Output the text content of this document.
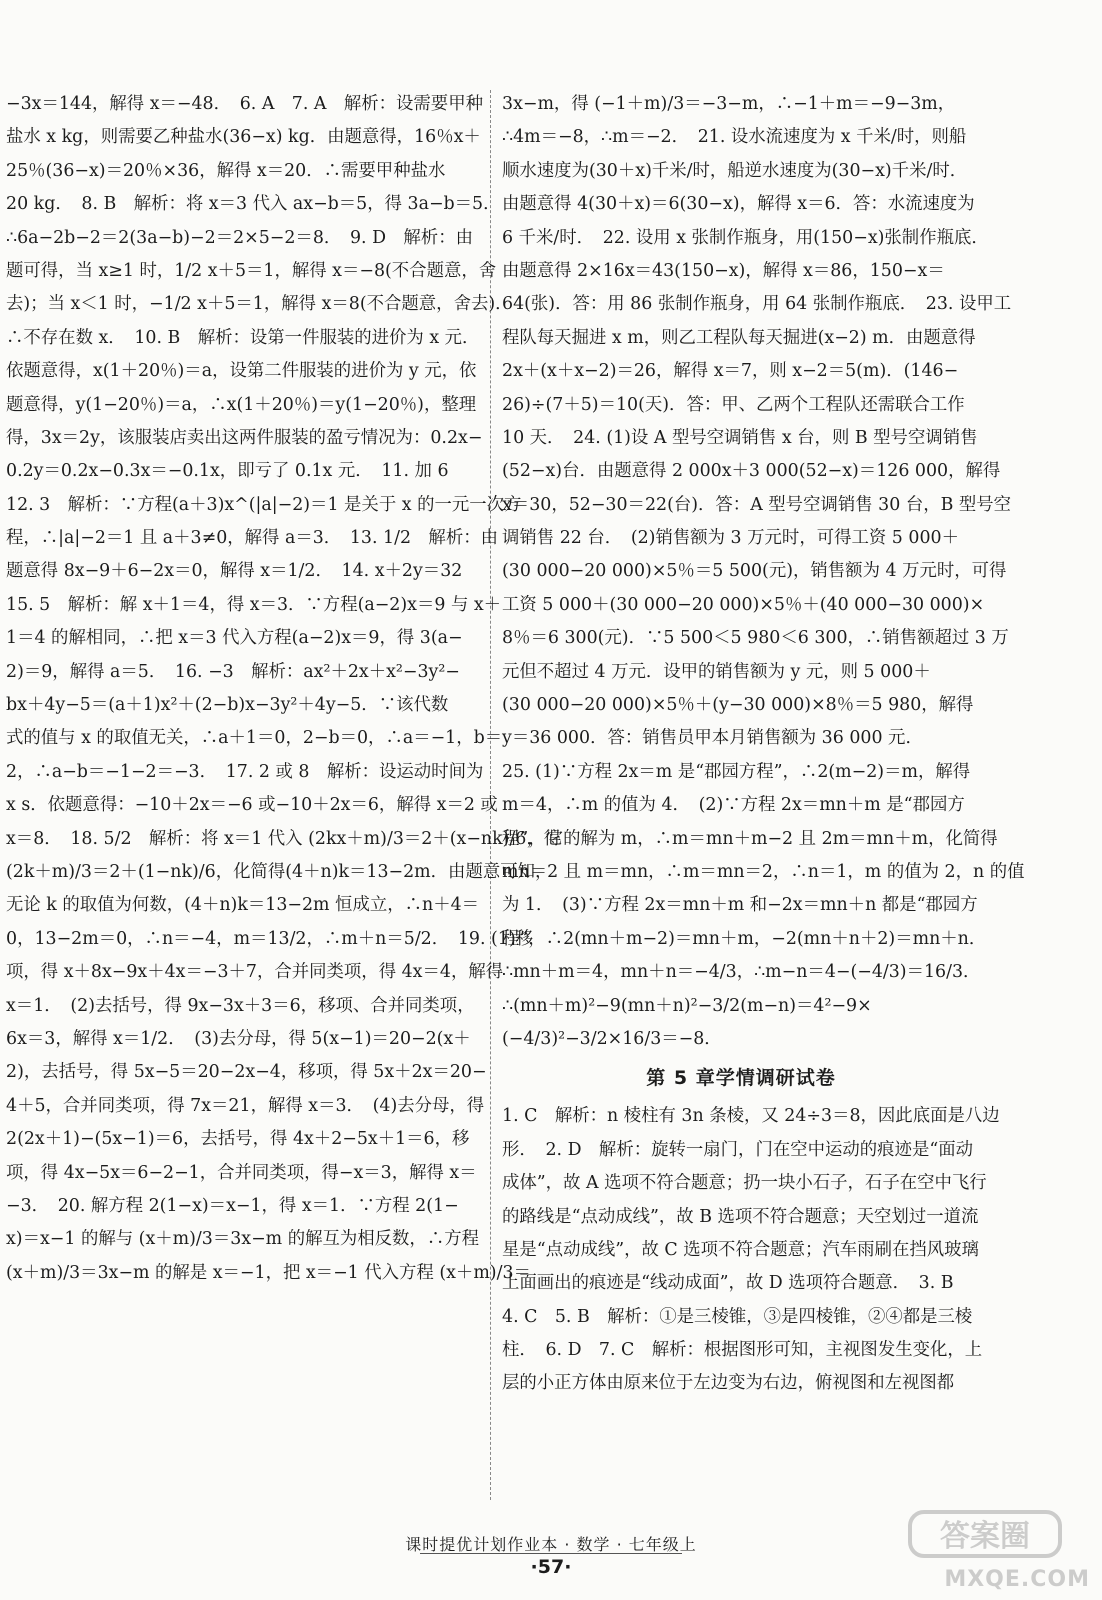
−3x＝144，解得 x＝−48．　6. A　7. A　解析：设需要甲种
盐水 x kg，则需要乙种盐水(36−x) kg．由题意得，16％x＋
25％(36−x)＝20％×36，解得 x＝20．∴需要甲种盐水
20 kg．　8. B　解析：将 x＝3 代入 ax−b＝5，得 3a−b＝5．
∴6a−2b−2＝2(3a−b)−2＝2×5−2＝8．　9. D　解析：由
题可得，当 x≥1 时，1/2 x＋5＝1，解得 x＝−8(不合题意，舍
去)；当 x＜1 时，−1/2 x＋5＝1，解得 x＝8(不合题意，舍去)．
∴不存在数 x．　10. B　解析：设第一件服装的进价为 x 元．
依题意得，x(1＋20％)＝a，设第二件服装的进价为 y 元，依
题意得，y(1−20％)＝a，∴x(1＋20％)＝y(1−20％)，整理
得，3x＝2y，该服装店卖出这两件服装的盈亏情况为：0.2x−
0.2y＝0.2x−0.3x＝−0.1x，即亏了 0.1x 元．　11. 加 6
12. 3　解析：∵方程(a＋3)x^(|a|−2)＝1 是关于 x 的一元一次方
程，∴|a|−2＝1 且 a＋3≠0，解得 a＝3．　13. 1/2　解析：由
题意得 8x−9＋6−2x＝0，解得 x＝1/2．　14. x＋2y＝32
15. 5　解析：解 x＋1＝4，得 x＝3．∵方程(a−2)x＝9 与 x＋
1＝4 的解相同，∴把 x＝3 代入方程(a−2)x＝9，得 3(a−
2)＝9，解得 a＝5．　16. −3　解析：ax²＋2x＋x²−3y²−
bx＋4y−5＝(a＋1)x²＋(2−b)x−3y²＋4y−5．∵该代数
式的值与 x 的取值无关，∴a＋1＝0，2−b＝0，∴a＝−1，b＝
2，∴a−b＝−1−2＝−3．　17. 2 或 8　解析：设运动时间为
x s．依题意得：−10＋2x＝−6 或−10＋2x＝6，解得 x＝2 或
x＝8．　18. 5/2　解析：将 x＝1 代入 (2kx＋m)/3＝2＋(x−nk)/6，得
(2k＋m)/3＝2＋(1−nk)/6，化简得(4＋n)k＝13−2m．由题意可知，
无论 k 的取值为何数，(4＋n)k＝13−2m 恒成立，∴n＋4＝
0，13−2m＝0，∴n＝−4，m＝13/2，∴m＋n＝5/2．　19. (1)移
项，得 x＋8x−9x＋4x＝−3＋7，合并同类项，得 4x＝4，解得
x＝1．　(2)去括号，得 9x−3x＋3＝6，移项、合并同类项，
6x＝3，解得 x＝1/2．　(3)去分母，得 5(x−1)＝20−2(x＋
2)，去括号，得 5x−5＝20−2x−4，移项，得 5x＋2x＝20−
4＋5，合并同类项，得 7x＝21，解得 x＝3．　(4)去分母，得
2(2x＋1)−(5x−1)＝6，去括号，得 4x＋2−5x＋1＝6，移
项，得 4x−5x＝6−2−1，合并同类项，得−x＝3，解得 x＝
−3．　20. 解方程 2(1−x)＝x−1，得 x＝1．∵方程 2(1−
x)＝x−1 的解与 (x＋m)/3＝3x−m 的解互为相反数，∴方程
(x＋m)/3＝3x−m 的解是 x＝−1，把 x＝−1 代入方程 (x＋m)/3＝
3x−m，得 (−1＋m)/3＝−3−m，∴−1＋m＝−9−3m，
∴4m＝−8，∴m＝−2．　21. 设水流速度为 x 千米/时，则船
顺水速度为(30＋x)千米/时，船逆水速度为(30−x)千米/时．
由题意得 4(30＋x)＝6(30−x)，解得 x＝6．答：水流速度为
6 千米/时．　22. 设用 x 张制作瓶身，用(150−x)张制作瓶底．
由题意得 2×16x＝43(150−x)，解得 x＝86，150−x＝
64(张)．答：用 86 张制作瓶身，用 64 张制作瓶底．　23. 设甲工
程队每天掘进 x m，则乙工程队每天掘进(x−2) m．由题意得
2x＋(x＋x−2)＝26，解得 x＝7，则 x−2＝5(m)．(146−
26)÷(7＋5)＝10(天)．答：甲、乙两个工程队还需联合工作
10 天．　24. (1)设 A 型号空调销售 x 台，则 B 型号空调销售
(52−x)台．由题意得 2 000x＋3 000(52−x)＝126 000，解得
x＝30，52−30＝22(台)．答：A 型号空调销售 30 台，B 型号空
调销售 22 台．　(2)销售额为 3 万元时，可得工资 5 000＋
(30 000−20 000)×5％＝5 500(元)，销售额为 4 万元时，可得
工资 5 000＋(30 000−20 000)×5％＋(40 000−30 000)×
8％＝6 300(元)．∵5 500＜5 980＜6 300，∴销售额超过 3 万
元但不超过 4 万元．设甲的销售额为 y 元，则 5 000＋
(30 000−20 000)×5％＋(y−30 000)×8％＝5 980，解得
y＝36 000．答：销售员甲本月销售额为 36 000 元．
25. (1)∵方程 2x＝m 是“郡园方程”，∴2(m−2)＝m，解得
m＝4，∴m 的值为 4．　(2)∵方程 2x＝mn＋m 是“郡园方
程”，它的解为 m，∴m＝mn＋m−2 且 2m＝mn＋m，化简得
mn＝2 且 m＝mn，∴m＝mn＝2，∴n＝1，m 的值为 2，n 的值
为 1．　(3)∵方程 2x＝mn＋m 和−2x＝mn＋n 都是“郡园方
程”，∴2(mn＋m−2)＝mn＋m，−2(mn＋n＋2)＝mn＋n．
∴mn＋m＝4，mn＋n＝−4/3，∴m−n＝4−(−4/3)＝16/3．
∴(mn＋m)²−9(mn＋n)²−3/2(m−n)＝4²−9×
(−4/3)²−3/2×16/3＝−8．
第 5 章学情调研试卷
1. C　解析：n 棱柱有 3n 条棱，又 24÷3＝8，因此底面是八边
形．　2. D　解析：旋转一扇门，门在空中运动的痕迹是“面动
成体”，故 A 选项不符合题意；扔一块小石子，石子在空中飞行
的路线是“点动成线”，故 B 选项不符合题意；天空划过一道流
星是“点动成线”，故 C 选项不符合题意；汽车雨刷在挡风玻璃
上面画出的痕迹是“线动成面”，故 D 选项符合题意．　3. B
4. C　5. B　解析：①是三棱锥，③是四棱锥，②④都是三棱
柱．　6. D　7. C　解析：根据图形可知，主视图发生变化，上
层的小正方体由原来位于左边变为右边，俯视图和左视图都
课时提优计划作业本 · 数学 · 七年级上
·57·
答案圈
MXQE.COM
